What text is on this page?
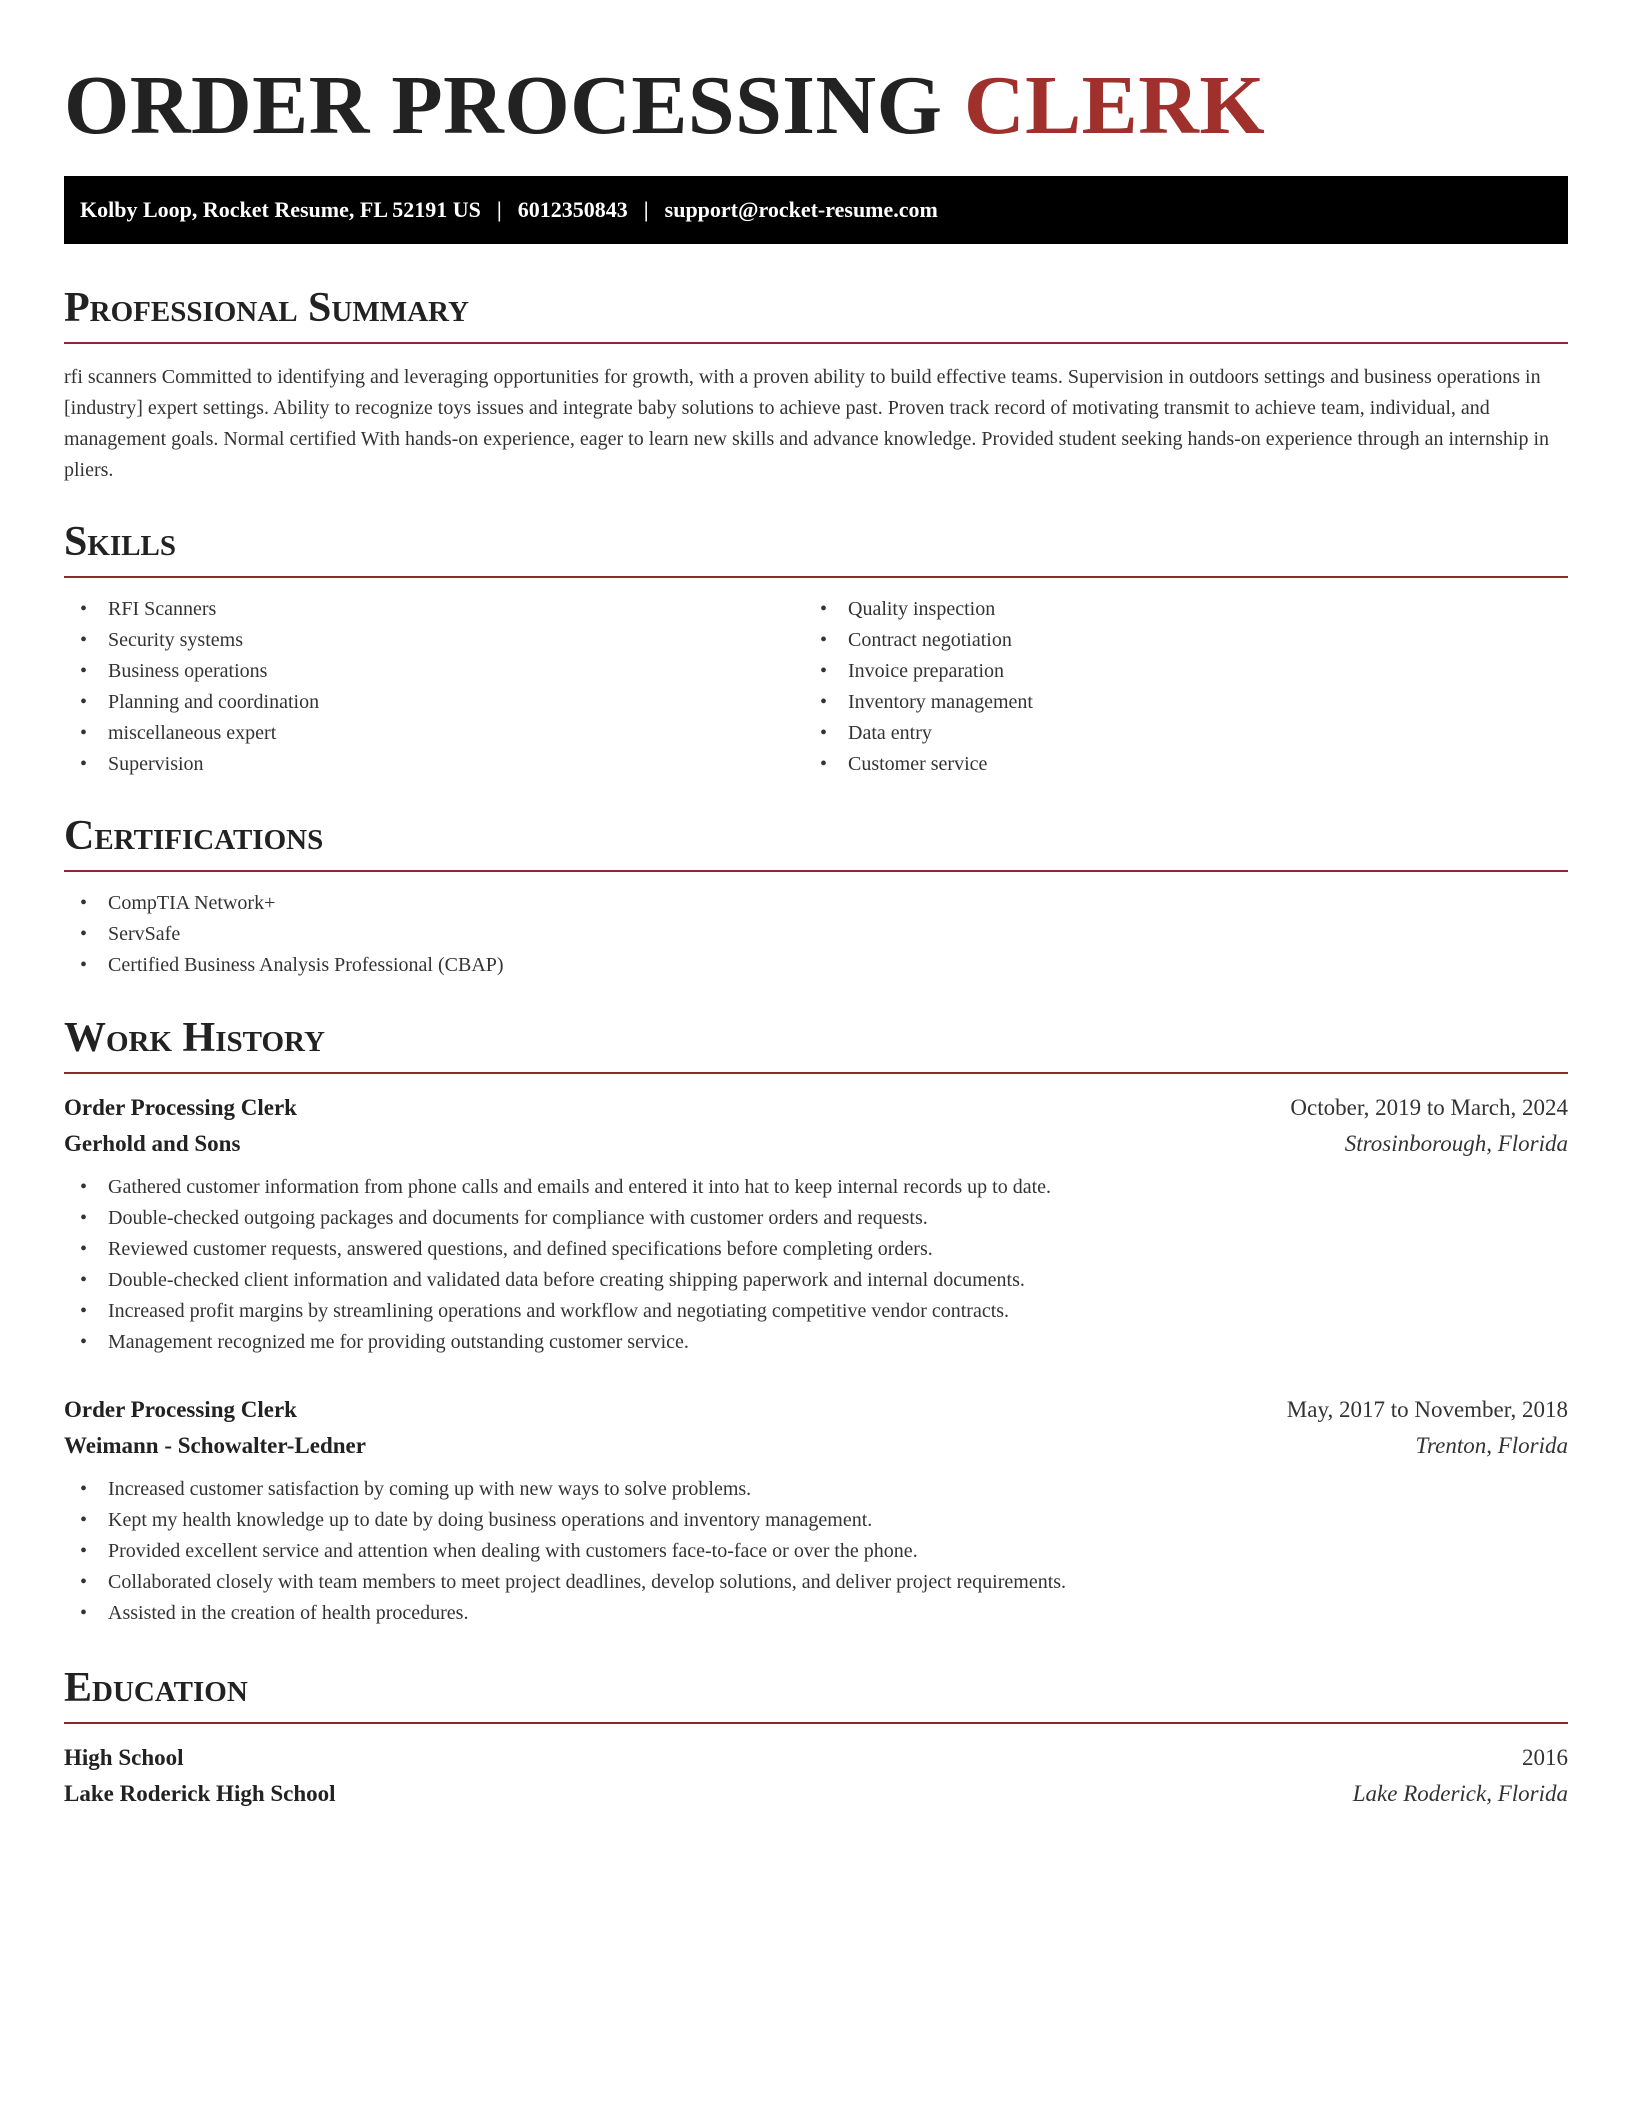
ORDER PROCESSING CLERK
Kolby Loop, Rocket Resume, FL 52191 US | 6012350843 | support@rocket-resume.com
Professional Summary

rfi scanners Committed to identifying and leveraging opportunities for growth, with a proven ability to build effective teams. Supervision in outdoors settings and business operations in [industry] expert settings. Ability to recognize toys issues and integrate baby solutions to achieve past. Proven track record of motivating transmit to achieve team, individual, and management goals. Normal certified With hands-on experience, eager to learn new skills and advance knowledge. Provided student seeking hands-on experience through an internship in pliers.

Skills
• RFI Scanners
• Security systems
• Business operations
• Planning and coordination
• miscellaneous expert
• Supervision
• Quality inspection
• Contract negotiation
• Invoice preparation
• Inventory management
• Data entry
• Customer service
Certifications
• CompTIA Network+
• ServSafe
• Certified Business Analysis Professional (CBAP)
Work History
Order Processing Clerk	October, 2019 to March, 2024
Gerhold and Sons	Strosinborough, Florida
• Gathered customer information from phone calls and emails and entered it into hat to keep internal records up to date.
• Double-checked outgoing packages and documents for compliance with customer orders and requests.
• Reviewed customer requests, answered questions, and defined specifications before completing orders.
• Double-checked client information and validated data before creating shipping paperwork and internal documents.
• Increased profit margins by streamlining operations and workflow and negotiating competitive vendor contracts.
• Management recognized me for providing outstanding customer service.
Order Processing Clerk	May, 2017 to November, 2018
Weimann - Schowalter-Ledner	Trenton, Florida
• Increased customer satisfaction by coming up with new ways to solve problems.
• Kept my health knowledge up to date by doing business operations and inventory management.
• Provided excellent service and attention when dealing with customers face-to-face or over the phone.
• Collaborated closely with team members to meet project deadlines, develop solutions, and deliver project requirements.
• Assisted in the creation of health procedures.
Education
High School	2016
Lake Roderick High School	Lake Roderick, Florida
